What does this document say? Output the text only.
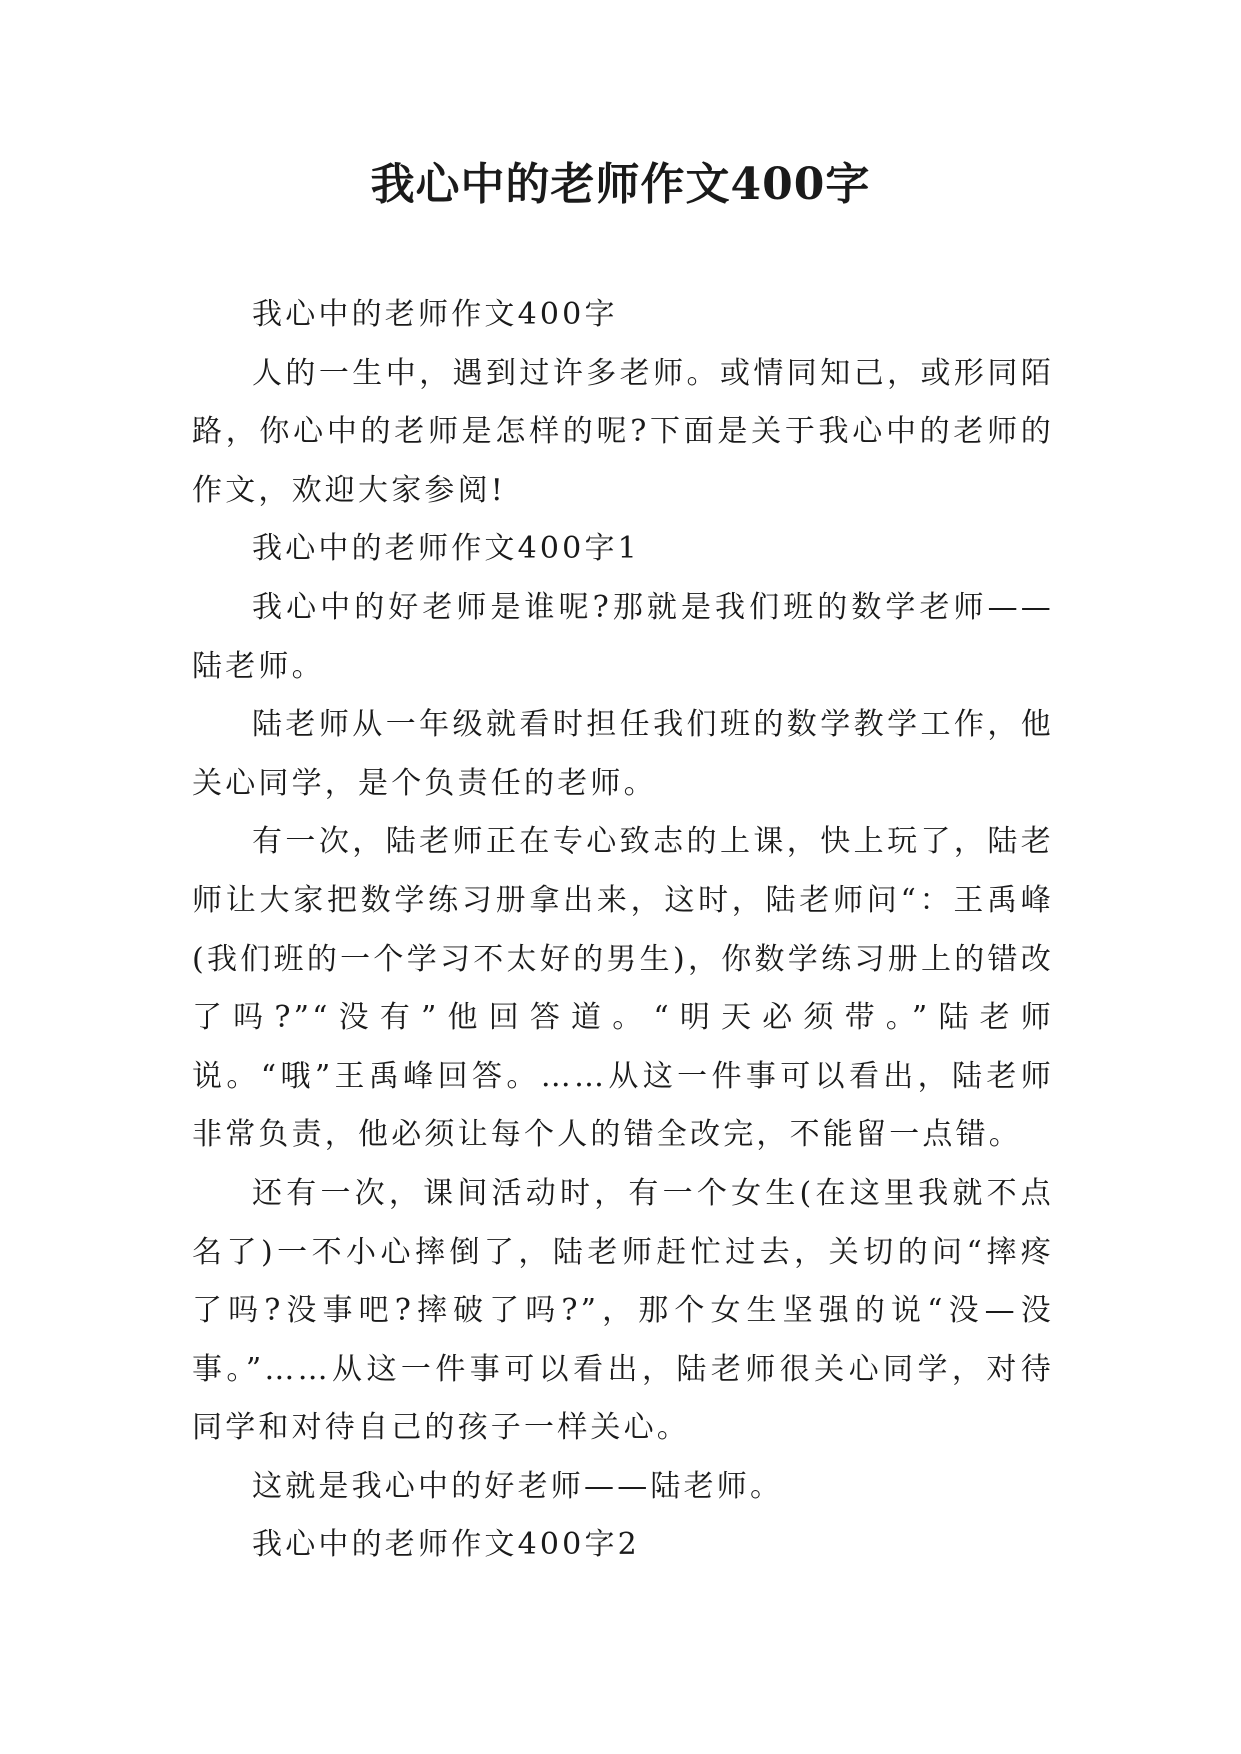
我心中的老师作文400字

我心中的老师作文400字

人的一生中，遇到过许多老师。或情同知己，或形同陌路，你心中的老师是怎样的呢?下面是关于我心中的老师的作文，欢迎大家参阅!

我心中的老师作文400字1

我心中的好老师是谁呢?那就是我们班的数学老师——陆老师。

陆老师从一年级就看时担任我们班的数学教学工作，他关心同学，是个负责任的老师。

有一次，陆老师正在专心致志的上课，快上玩了，陆老师让大家把数学练习册拿出来，这时，陆老师问“：王禹峰(我们班的一个学习不太好的男生)，你数学练习册上的错改了吗?”“没有”他回答道。“明天必须带。”陆老师说。“哦”王禹峰回答。……从这一件事可以看出，陆老师非常负责，他必须让每个人的错全改完，不能留一点错。

还有一次，课间活动时，有一个女生(在这里我就不点名了)一不小心摔倒了，陆老师赶忙过去，关切的问“摔疼了吗?没事吧?摔破了吗?”，那个女生坚强的说“没—没事。”……从这一件事可以看出，陆老师很关心同学，对待同学和对待自己的孩子一样关心。

这就是我心中的好老师——陆老师。

我心中的老师作文400字2
